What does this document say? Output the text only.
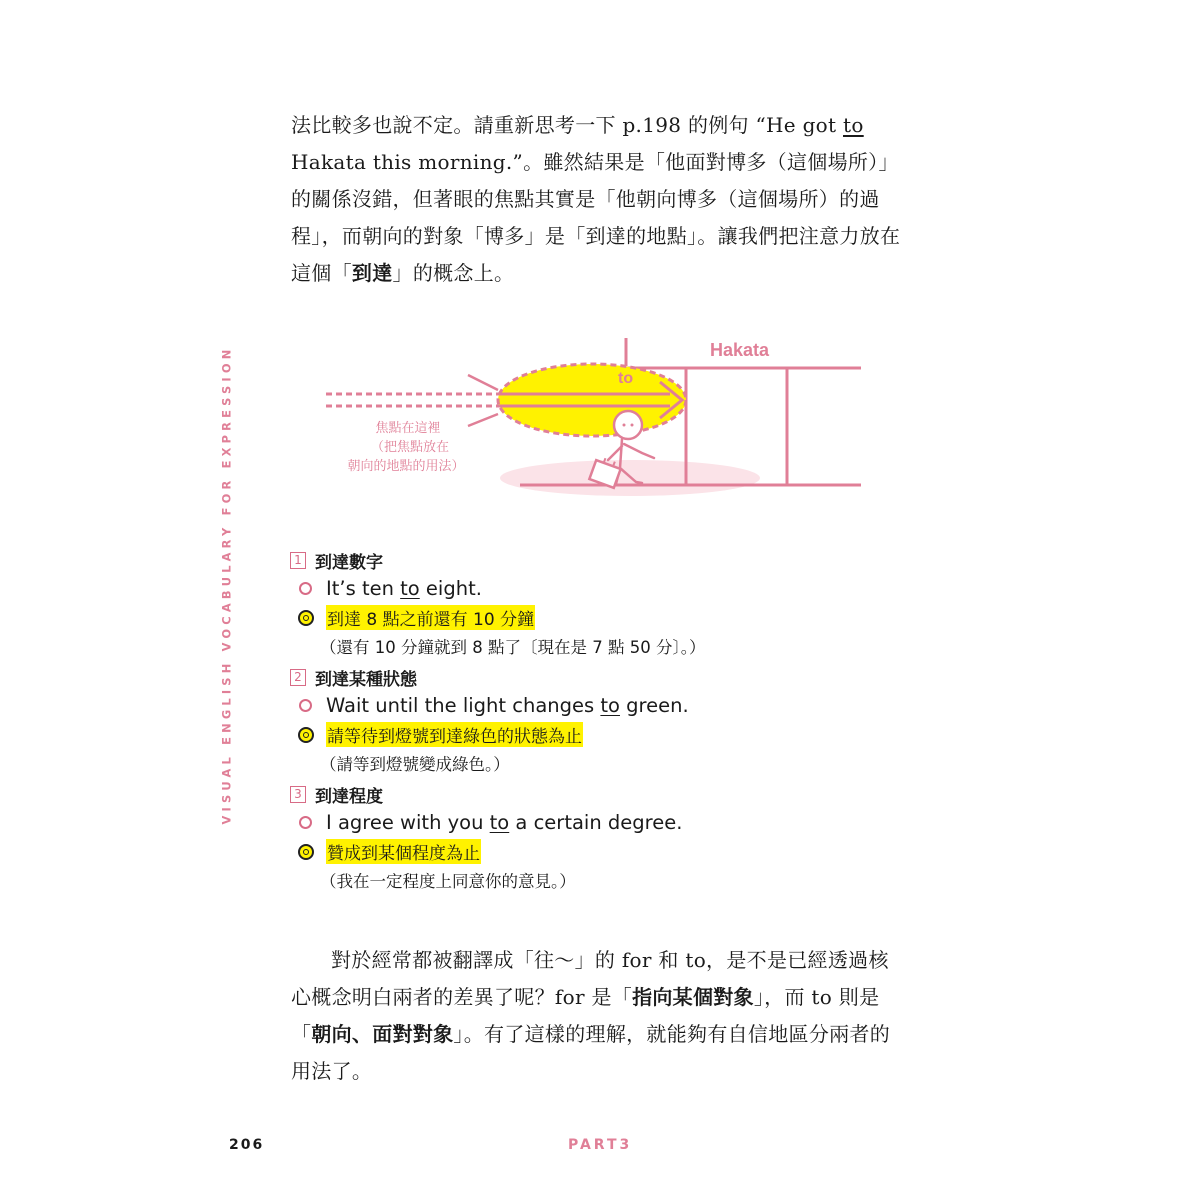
VISUAL ENGLISH VOCABULARY FOR EXPRESSION

法比較多也說不定。請重新思考一下 p.198 的例句 “He got to Hakata this morning.”。雖然結果是「他面對博多（這個場所）」的關係沒錯，但著眼的焦點其實是「他朝向博多（這個場所）的過程」，而朝向的對象「博多」是「到達的地點」。讓我們把注意力放在這個「到達」的概念上。

Hakata
to
焦點在這裡
（把焦點放在
朝向的地點的用法）
1 到達數字
It’s ten to eight.
到達 8 點之前還有 10 分鐘
（還有 10 分鐘就到 8 點了〔現在是 7 點 50 分〕。）
2 到達某種狀態
Wait until the light changes to green.
請等待到燈號到達綠色的狀態為止
（請等到燈號變成綠色。）
3 到達程度
I agree with you to a certain degree.
贊成到某個程度為止
（我在一定程度上同意你的意見。）

對於經常都被翻譯成「往～」的 for 和 to，是不是已經透過核心概念明白兩者的差異了呢？for 是「指向某個對象」，而 to 則是「朝向、面對對象」。有了這樣的理解，就能夠有自信地區分兩者的用法了。

206	PART3
